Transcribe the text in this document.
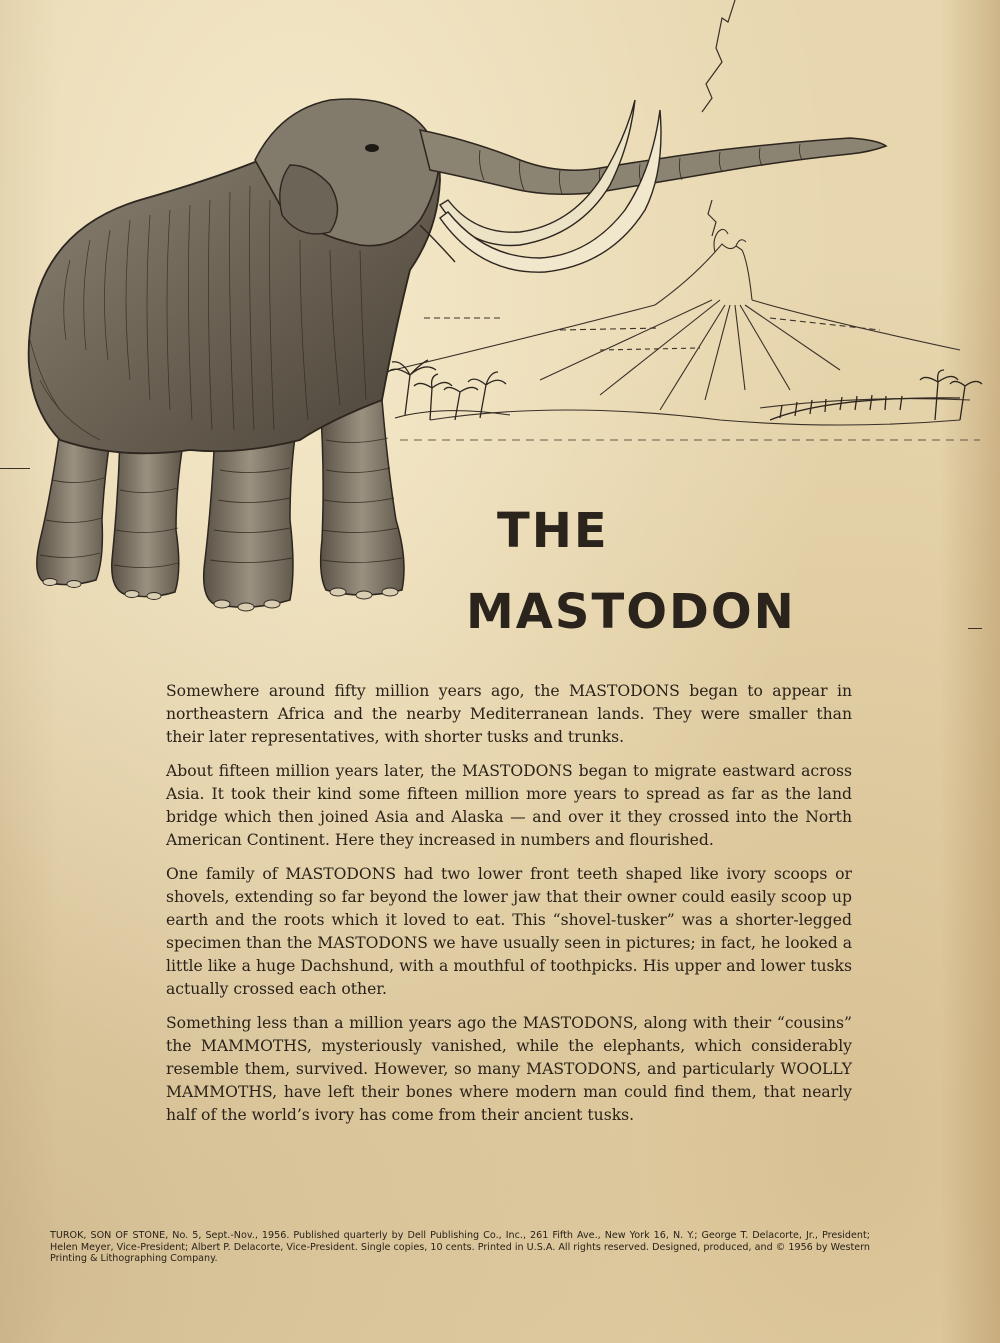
THE
MASTODON

Somewhere around fifty million years ago, the MASTODONS began to appear in northeastern Africa and the nearby Mediterranean lands. They were smaller than their later representatives, with shorter tusks and trunks.

About fifteen million years later, the MASTODONS began to migrate eastward across Asia. It took their kind some fifteen million more years to spread as far as the land bridge which then joined Asia and Alaska — and over it they crossed into the North American Continent. Here they increased in numbers and flourished.

One family of MASTODONS had two lower front teeth shaped like ivory scoops or shovels, extending so far beyond the lower jaw that their owner could easily scoop up earth and the roots which it loved to eat. This “shovel-tusker” was a shorter-legged specimen than the MASTODONS we have usually seen in pictures; in fact, he looked a little like a huge Dachshund, with a mouthful of toothpicks. His upper and lower tusks actually crossed each other.

Something less than a million years ago the MASTODONS, along with their “cousins” the MAMMOTHS, mysteriously vanished, while the elephants, which considerably resemble them, survived. However, so many MASTODONS, and particularly WOOLLY MAMMOTHS, have left their bones where modern man could find them, that nearly half of the world’s ivory has come from their ancient tusks.

TUROK, SON OF STONE, No. 5, Sept.-Nov., 1956. Published quarterly by Dell Publishing Co., Inc., 261 Fifth Ave., New York 16, N. Y.; George T. Delacorte, Jr., President; Helen Meyer, Vice-President; Albert P. Delacorte, Vice-President. Single copies, 10 cents. Printed in U.S.A. All rights reserved. Designed, produced, and © 1956 by Western Printing & Lithographing Company.
